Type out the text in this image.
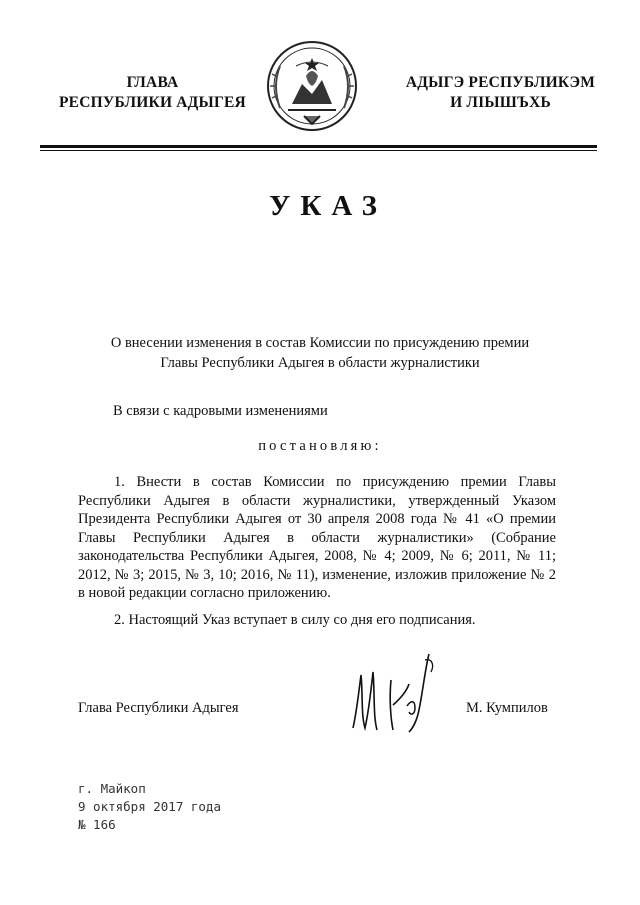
ГЛАВА
РЕСПУБЛИКИ АДЫГЕЯ
АДЫГЭ РЕСПУБЛИКЭМ
И ЛІЫШЪХЬ
УКАЗ
О внесении изменения в состав Комиссии по присуждению премии
Главы Республики Адыгея в области журналистики
В связи с кадровыми изменениями
постановляю:
1. Внести в состав Комиссии по присуждению премии Главы Республики Адыгея в области журналистики, утвержденный Указом Президента Республики Адыгея от 30 апреля 2008 года № 41 «О премии Главы Республики Адыгея в области журналистики» (Собрание законодательства Республики Адыгея, 2008, № 4; 2009, № 6; 2011, № 11; 2012, № 3; 2015, № 3, 10; 2016, № 11), изменение, изложив приложение № 2 в новой редакции согласно приложению.
2. Настоящий Указ вступает в силу со дня его подписания.
Глава Республики Адыгея	М. Кумпилов
г. Майкоп
9 октября 2017 года
№ 166
